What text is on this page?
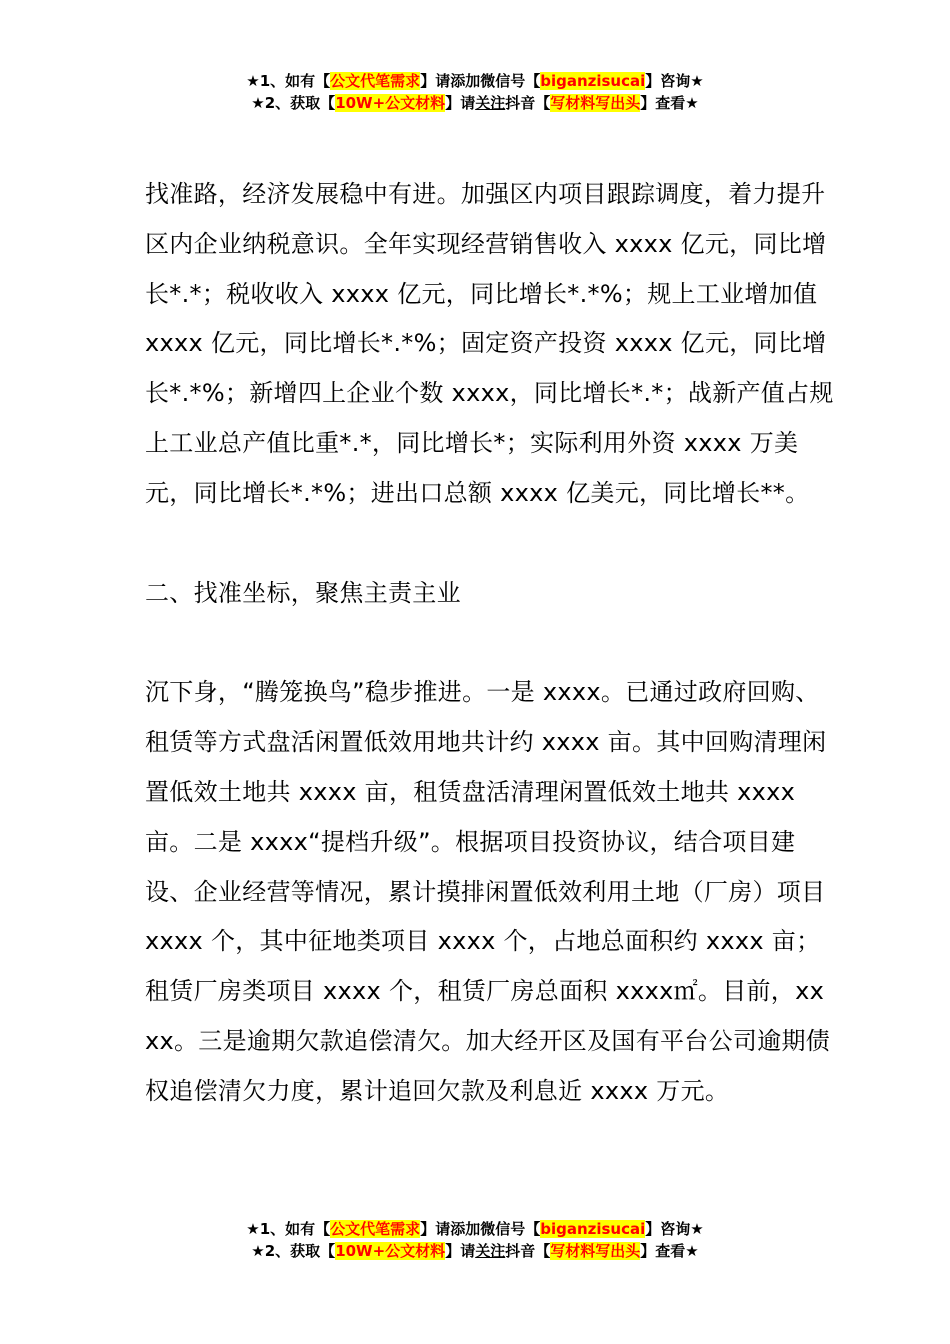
★1、如有【公文代笔需求】请添加微信号【biganzisucai】咨询★
★2、获取【10W+公文材料】请关注抖音【写材料写出头】查看★

找准路，经济发展稳中有进。加强区内项目跟踪调度，着力提升区内企业纳税意识。全年实现经营销售收入 xxxx 亿元，同比增长*.*；税收收入 xxxx 亿元，同比增长*.*%；规上工业增加值 xxxx 亿元，同比增长*.*%；固定资产投资 xxxx 亿元，同比增长*.*%；新增四上企业个数 xxxx，同比增长*.*；战新产值占规上工业总产值比重*.*，同比增长*；实际利用外资 xxxx 万美元，同比增长*.*%；进出口总额 xxxx 亿美元，同比增长**。

二、找准坐标，聚焦主责主业

沉下身，“腾笼换鸟”稳步推进。一是 xxxx。已通过政府回购、租赁等方式盘活闲置低效用地共计约 xxxx 亩。其中回购清理闲置低效土地共 xxxx 亩，租赁盘活清理闲置低效土地共 xxxx 亩。二是 xxxx“提档升级”。根据项目投资协议，结合项目建设、企业经营等情况，累计摸排闲置低效利用土地（厂房）项目 xxxx 个，其中征地类项目 xxxx 个，占地总面积约 xxxx 亩；租赁厂房类项目 xxxx 个，租赁厂房总面积 xxxx㎡。目前，xxxx。三是逾期欠款追偿清欠。加大经开区及国有平台公司逾期债权追偿清欠力度，累计追回欠款及利息近 xxxx 万元。

★1、如有【公文代笔需求】请添加微信号【biganzisucai】咨询★
★2、获取【10W+公文材料】请关注抖音【写材料写出头】查看★
